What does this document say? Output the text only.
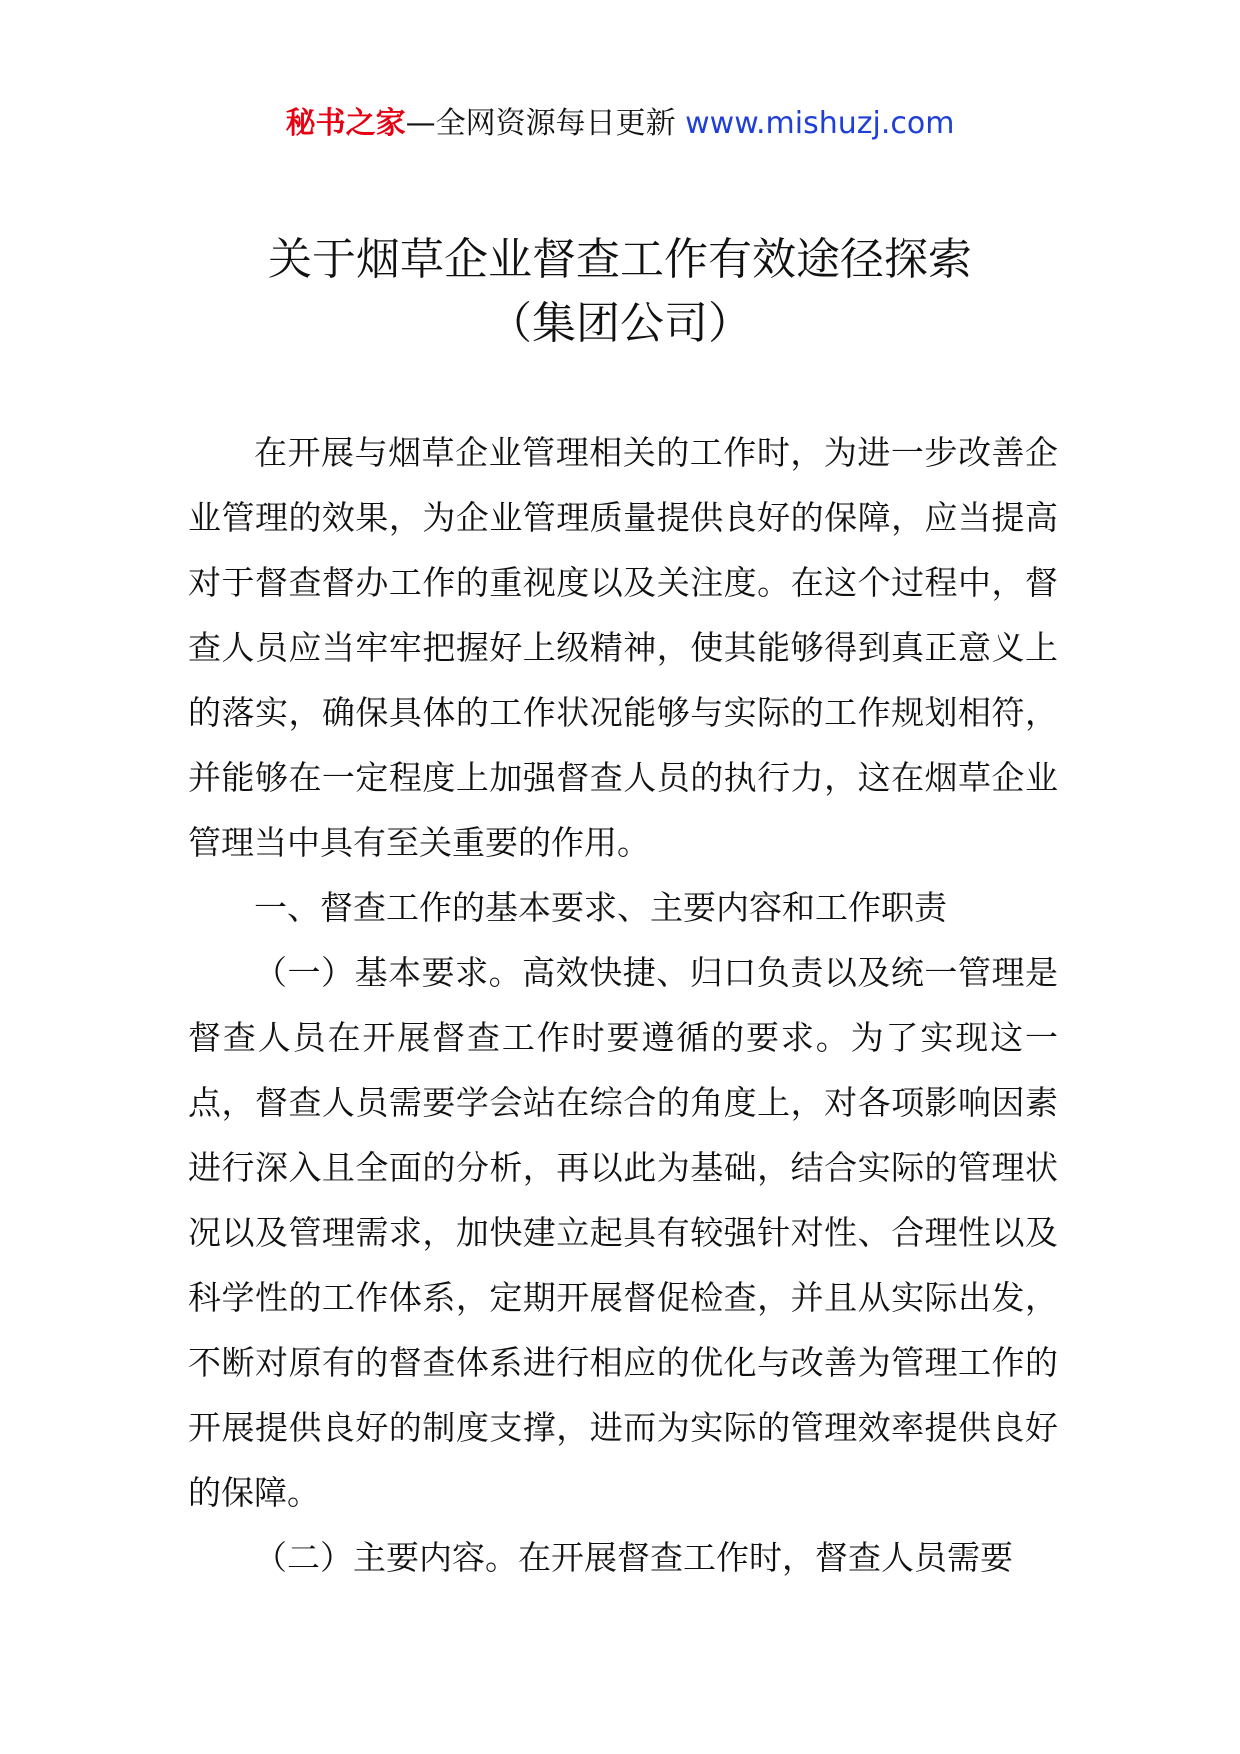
秘书之家—全网资源每日更新 www.mishuzj.com
关于烟草企业督查工作有效途径探索
（集团公司）

在开展与烟草企业管理相关的工作时，为进一步改善企业管理的效果，为企业管理质量提供良好的保障，应当提高对于督查督办工作的重视度以及关注度。在这个过程中，督查人员应当牢牢把握好上级精神，使其能够得到真正意义上的落实，确保具体的工作状况能够与实际的工作规划相符，并能够在一定程度上加强督查人员的执行力，这在烟草企业管理当中具有至关重要的作用。

一、督查工作的基本要求、主要内容和工作职责

（一）基本要求。高效快捷、归口负责以及统一管理是督查人员在开展督查工作时要遵循的要求。为了实现这一点，督查人员需要学会站在综合的角度上，对各项影响因素进行深入且全面的分析，再以此为基础，结合实际的管理状况以及管理需求，加快建立起具有较强针对性、合理性以及科学性的工作体系，定期开展督促检查，并且从实际出发，不断对原有的督查体系进行相应的优化与改善为管理工作的开展提供良好的制度支撑，进而为实际的管理效率提供良好的保障。

（二）主要内容。在开展督查工作时，督查人员需要
